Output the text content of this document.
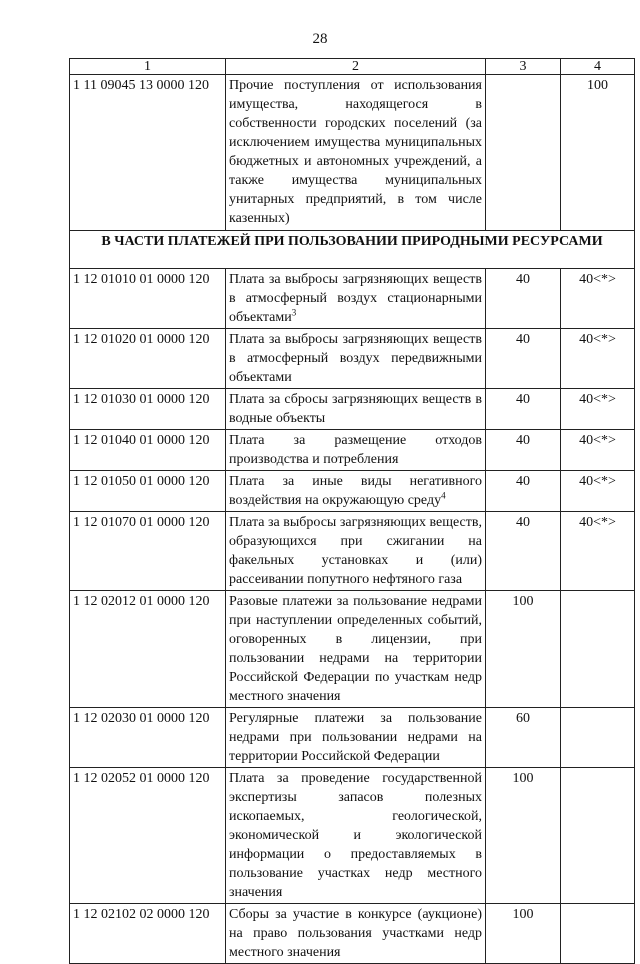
28
1	2	3	4
1 11 09045 13 0000 120	Прочие поступления от использования имущества, находящегося в собственности городских поселений (за исключением имущества муниципальных бюджетных и автономных учреждений, а также имущества муниципальных унитарных предприятий, в том числе казенных)		100
В ЧАСТИ ПЛАТЕЖЕЙ ПРИ ПОЛЬЗОВАНИИ ПРИРОДНЫМИ РЕСУРСАМИ			
1 12 01010 01 0000 120	Плата за выбросы загрязняющих веществ в атмосферный воздух стационарными объектами$^3$	40	40<*>
1 12 01020 01 0000 120	Плата за выбросы загрязняющих веществ в атмосферный воздух передвижными объектами	40	40<*>
1 12 01030 01 0000 120	Плата за сбросы загрязняющих веществ в водные объекты	40	40<*>
1 12 01040 01 0000 120	Плата за размещение отходов производства и потребления	40	40<*>
1 12 01050 01 0000 120	Плата за иные виды негативного воздействия на окружающую среду$^4$	40	40<*>
1 12 01070 01 0000 120	Плата за выбросы загрязняющих веществ, образующихся при сжигании на факельных установках и (или) рассеивании попутного нефтяного газа	40	40<*>
1 12 02012 01 0000 120	Разовые платежи за пользование недрами при наступлении определенных событий, оговоренных в лицензии, при пользовании недрами на территории Российской Федерации по участкам недр местного значения	100	
1 12 02030 01 0000 120	Регулярные платежи за пользование недрами при пользовании недрами на территории Российской Федерации	60	
1 12 02052 01 0000 120	Плата за проведение государственной экспертизы запасов полезных ископаемых, геологической, экономической и экологической информации о предоставляемых в пользование участках недр местного значения	100	
1 12 02102 02 0000 120	Сборы за участие в конкурсе (аукционе) на право пользования участками недр местного значения	100	
